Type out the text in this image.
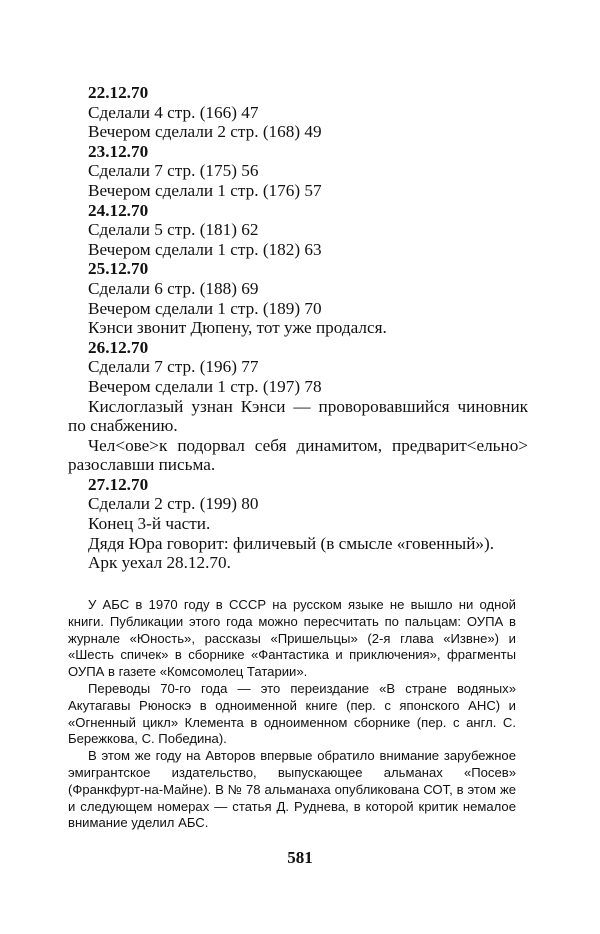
22.12.70

Сделали 4 стр. (166) 47

Вечером сделали 2 стр. (168) 49

23.12.70

Сделали 7 стр. (175) 56

Вечером сделали 1 стр. (176) 57

24.12.70

Сделали 5 стр. (181) 62

Вечером сделали 1 стр. (182) 63

25.12.70

Сделали 6 стр. (188) 69

Вечером сделали 1 стр. (189) 70

Кэнси звонит Дюпену, тот уже продался.

26.12.70

Сделали 7 стр. (196) 77

Вечером сделали 1 стр. (197) 78

Кислоглазый узнан Кэнси — проворовавшийся чиновник по снабжению.

Чел<ове>к подорвал себя динамитом, предварит<ельно> разославши письма.

27.12.70

Сделали 2 стр. (199) 80

Конец 3-й части.

Дядя Юра говорит: филичевый (в смысле «говенный»).

Арк уехал 28.12.70.

У АБС в 1970 году в СССР на русском языке не вышло ни одной книги. Публикации этого года можно пересчитать по пальцам: ОУПА в журнале «Юность», рассказы «Пришельцы» (2-я глава «Извне») и «Шесть спичек» в сборнике «Фантастика и приключения», фрагменты ОУПА в газете «Комсомолец Татарии».

Переводы 70-го года — это переиздание «В стране водяных» Акутагавы Рюноскэ в одноименной книге (пер. с японского АНС) и «Огненный цикл» Клемента в одноименном сборнике (пер. с англ. С. Бережкова, С. Победина).

В этом же году на Авторов впервые обратило внимание зарубежное эмигрантское издательство, выпускающее альманах «Посев» (Франкфурт-на-Майне). В № 78 альманаха опубликована СОТ, в этом же и следующем номерах — статья Д. Руднева, в которой критик немалое внимание уделил АБС.

581
